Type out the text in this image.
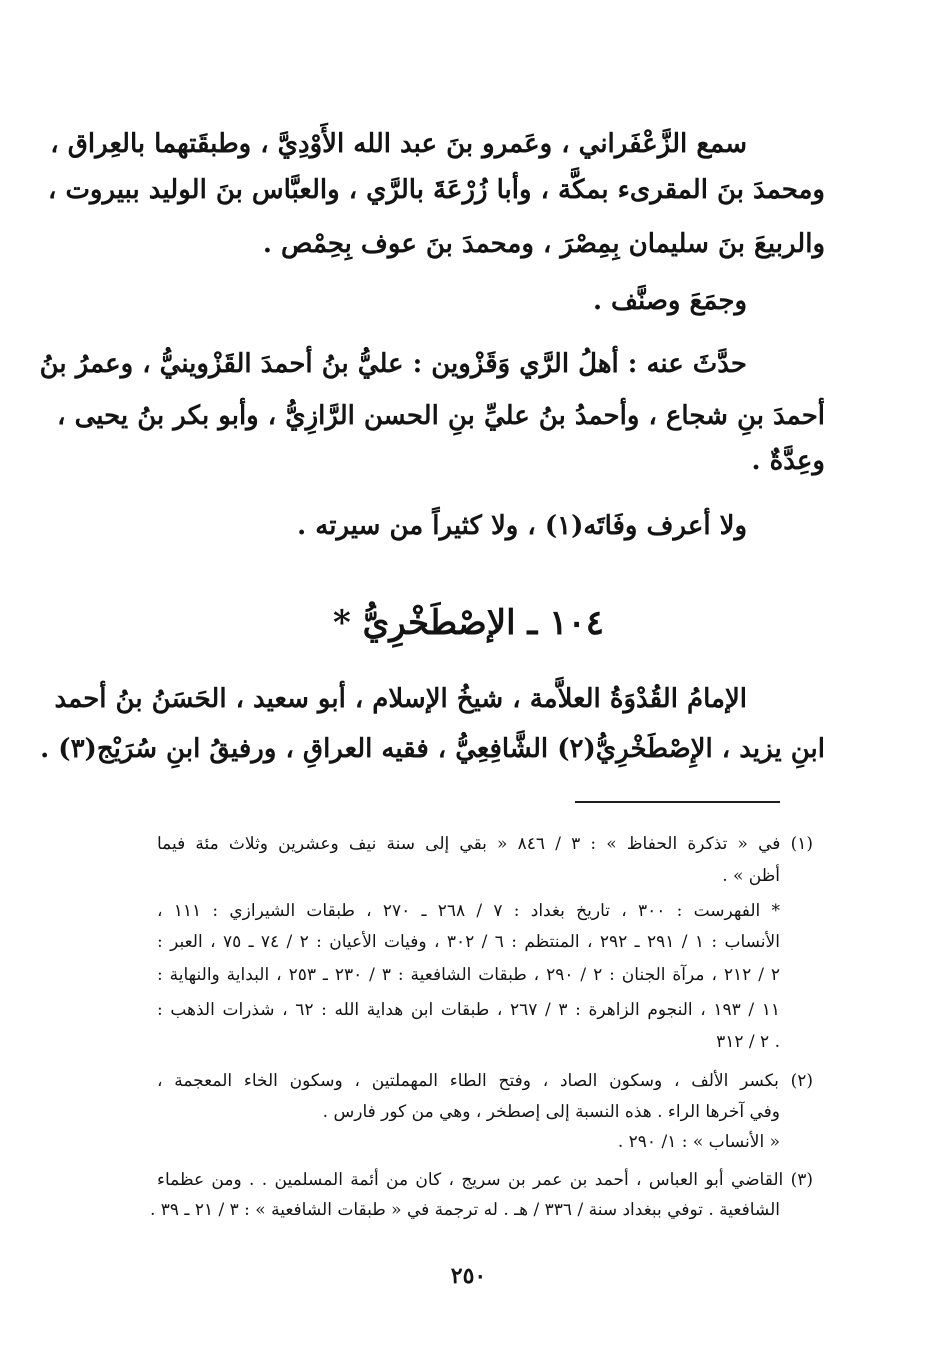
سمع الزَّعْفَراني ، وعَمرو بنَ عبد الله الأَوْدِيَّ ، وطبقَتهما بالعِراق ،
ومحمدَ بنَ المقرىء بمكَّة ، وأبا زُرْعَةَ بالرَّي ، والعبَّاس بنَ الوليد ببيروت ،
والربيعَ بنَ سليمان بِمِصْرَ ، ومحمدَ بنَ عوف بِحِمْص .
وجمَعَ وصنَّف .
حدَّثَ عنه : أهلُ الرَّي وَقَزْوين : عليُّ بنُ أحمدَ القَزْوينيُّ ، وعمرُ بنُ
أحمدَ بنِ شجاع ، وأحمدُ بنُ عليِّ بنِ الحسن الرَّازِيُّ ، وأبو بكر بنُ يحيى ،
وعِدَّةٌ .
ولا أعرف وفَاتَه(١) ، ولا كثيراً من سيرته .
١٠٤ ـ الإصْطَخْرِيُّ *
الإمامُ القُدْوَةُ العلاَّمة ، شيخُ الإسلام ، أبو سعيد ، الحَسَنُ بنُ أحمد
ابنِ يزيد ، الإِصْطَخْرِيُّ(٢) الشَّافِعِيُّ ، فقيه العراقِ ، ورفيقُ ابنِ سُرَيْج(٣) .
(١) في « تذكرة الحفاظ » : ٣ / ٨٤٦ « بقي إلى سنة نيف وعشرين وثلاث مئة فيما
أظن » .
* الفهرست : ٣٠٠ ، تاريخ بغداد : ٧ / ٢٦٨ ـ ٢٧٠ ، طبقات الشيرازي : ١١١ ،
الأنساب : ١ / ٢٩١ ـ ٢٩٢ ، المنتظم : ٦ / ٣٠٢ ، وفيات الأعيان : ٢ / ٧٤ ـ ٧٥ ، العبر :
٢ / ٢١٢ ، مرآة الجنان : ٢ / ٢٩٠ ، طبقات الشافعية : ٣ / ٢٣٠ ـ ٢٥٣ ، البداية والنهاية :
١١ / ١٩٣ ، النجوم الزاهرة : ٣ / ٢٦٧ ، طبقات ابن هداية الله : ٦٢ ، شذرات الذهب :
٢ / ٣١٢ .
(٢) بكسر الألف ، وسكون الصاد ، وفتح الطاء المهملتين ، وسكون الخاء المعجمة ،
وفي آخرها الراء . هذه النسبة إلى إصطخر ، وهي من كور فارس .
« الأنساب » : ١/ ٢٩٠ .
(٣) القاضي أبو العباس ، أحمد بن عمر بن سريج ، كان من أئمة المسلمين . . ومن عظماء
الشافعية . توفي ببغداد سنة / ٣٣٦ / هـ . له ترجمة في « طبقات الشافعية » : ٣ / ٢١ ـ ٣٩ .
٢٥٠
